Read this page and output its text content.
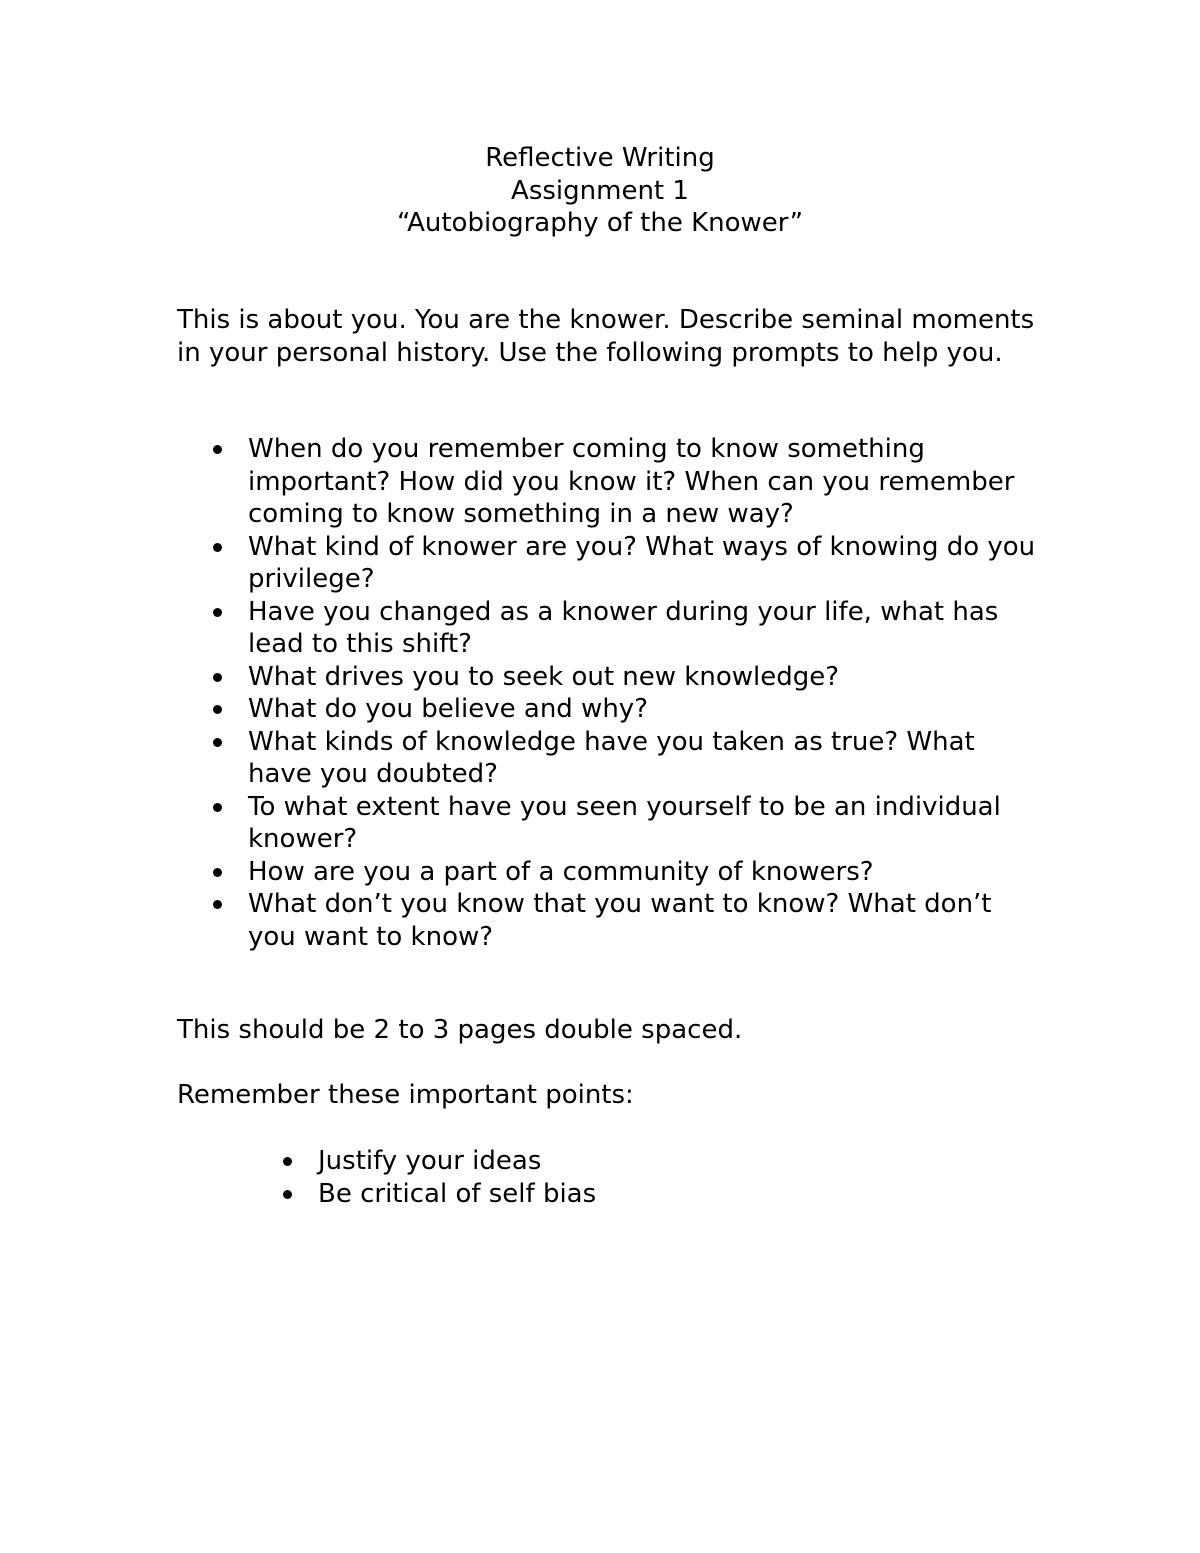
Reflective Writing
Assignment 1
“Autobiography of the Knower”

This is about you. You are the knower. Describe seminal moments in your personal history. Use the following prompts to help you.

When do you remember coming to know something important? How did you know it? When can you remember coming to know something in a new way?
What kind of knower are you? What ways of knowing do you privilege?
Have you changed as a knower during your life, what has lead to this shift?
What drives you to seek out new knowledge?
What do you believe and why?
What kinds of knowledge have you taken as true? What have you doubted?
To what extent have you seen yourself to be an individual knower?
How are you a part of a community of knowers?
What don’t you know that you want to know? What don’t you want to know?

This should be 2 to 3 pages double spaced.

Remember these important points:

Justify your ideas
Be critical of self bias
